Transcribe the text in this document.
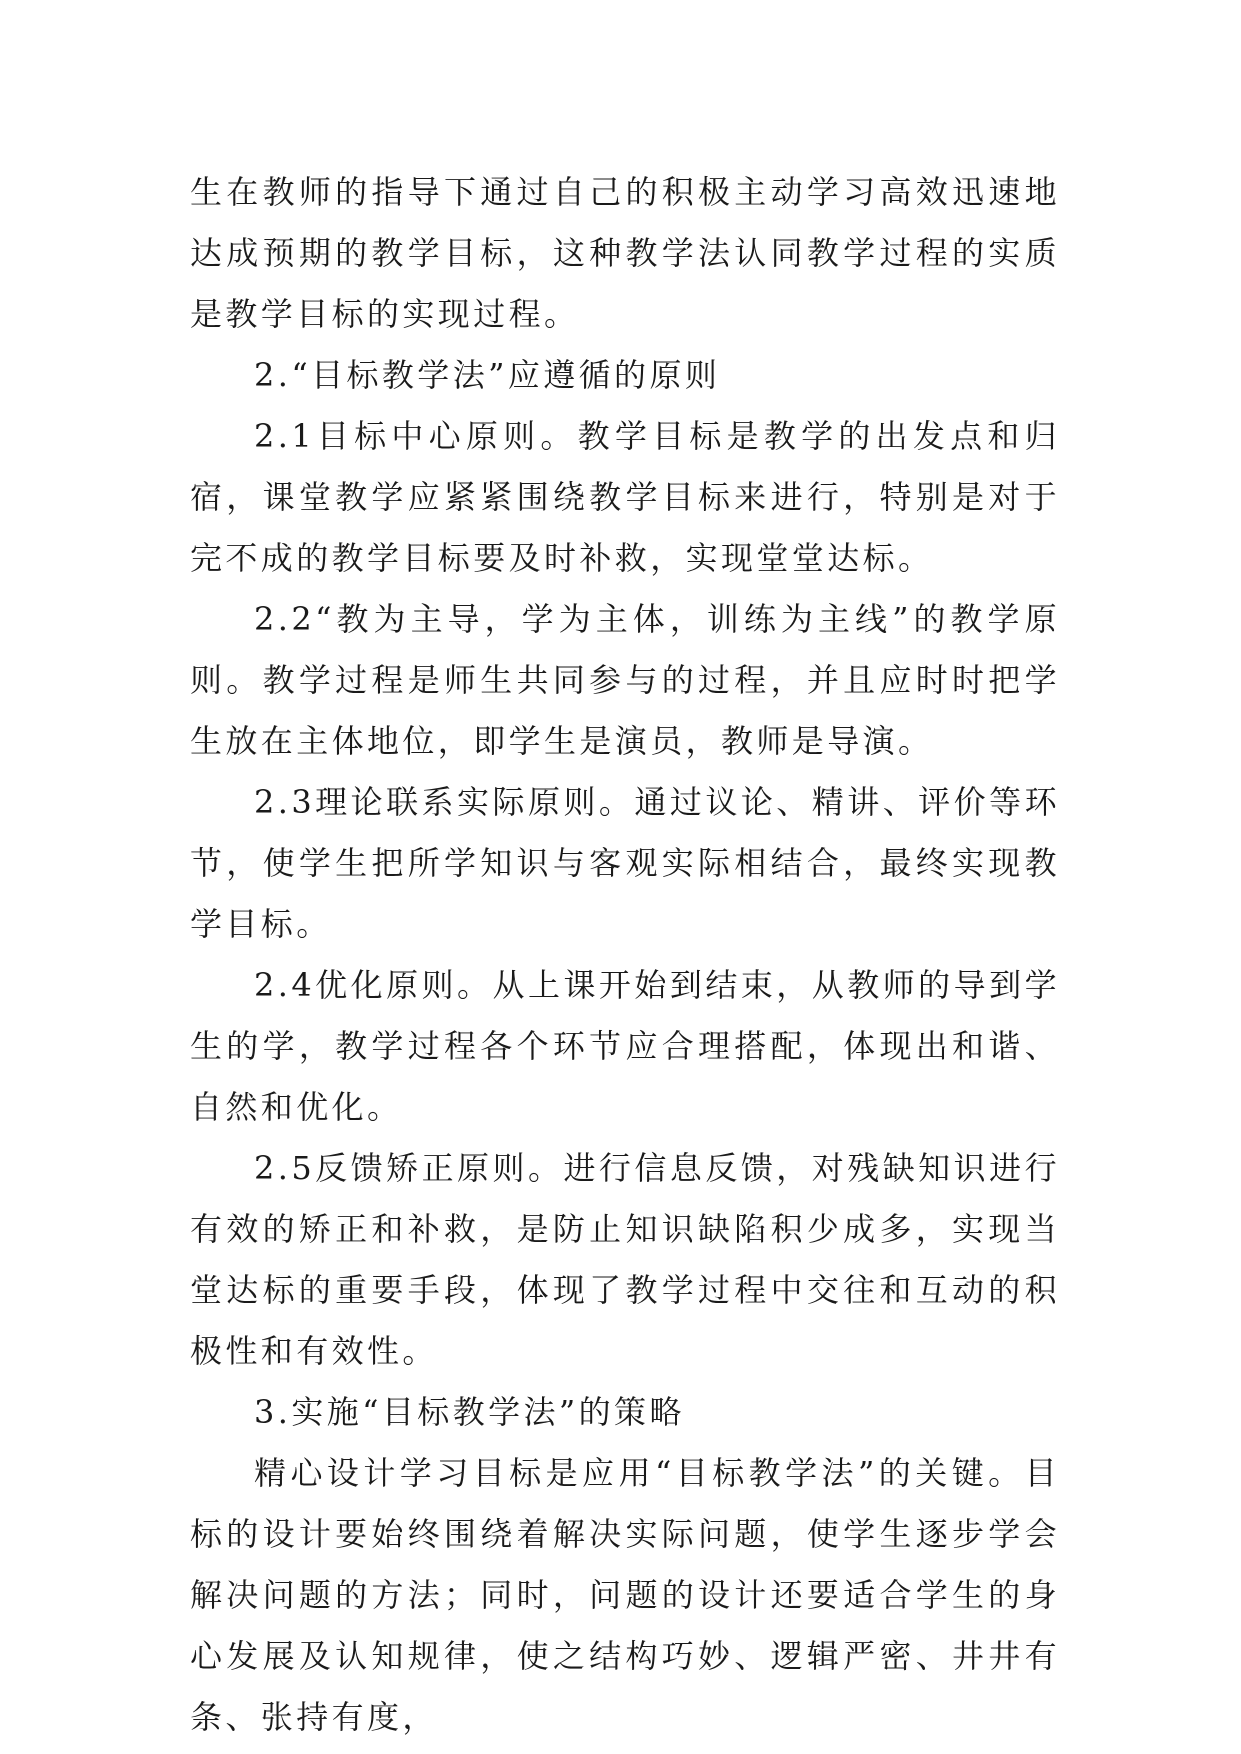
生在教师的指导下通过自己的积极主动学习高效迅速地达成预期的教学目标，这种教学法认同教学过程的实质是教学目标的实现过程。

2.“目标教学法”应遵循的原则

2.1目标中心原则。教学目标是教学的出发点和归宿，课堂教学应紧紧围绕教学目标来进行，特别是对于完不成的教学目标要及时补救，实现堂堂达标。

2.2“教为主导，学为主体，训练为主线”的教学原则。教学过程是师生共同参与的过程，并且应时时把学生放在主体地位，即学生是演员，教师是导演。

2.3理论联系实际原则。通过议论、精讲、评价等环节，使学生把所学知识与客观实际相结合，最终实现教学目标。

2.4优化原则。从上课开始到结束，从教师的导到学生的学，教学过程各个环节应合理搭配，体现出和谐、自然和优化。

2.5反馈矫正原则。进行信息反馈，对残缺知识进行有效的矫正和补救，是防止知识缺陷积少成多，实现当堂达标的重要手段，体现了教学过程中交往和互动的积极性和有效性。

3.实施“目标教学法”的策略

精心设计学习目标是应用“目标教学法”的关键。目标的设计要始终围绕着解决实际问题，使学生逐步学会解决问题的方法；同时，问题的设计还要适合学生的身心发展及认知规律，使之结构巧妙、逻辑严密、井井有条、张持有度，
